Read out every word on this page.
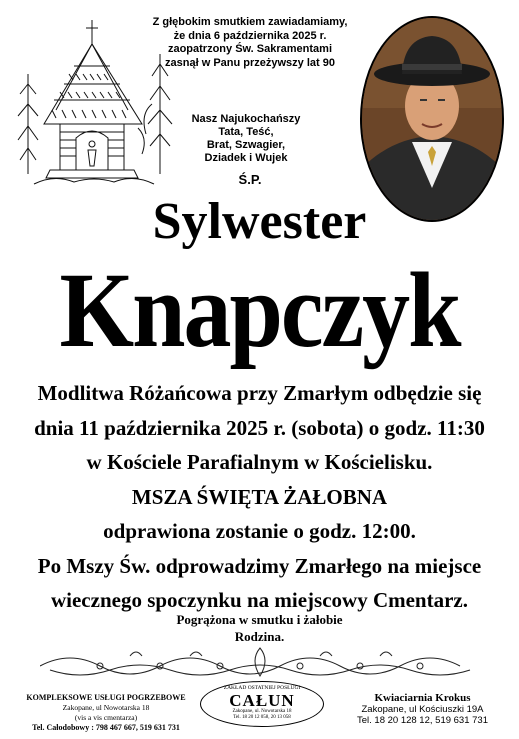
Z głębokim smutkiem zawiadamiamy,
że dnia 6 października 2025 r.
zaopatrzony Św. Sakramentami
zasnął w Panu przeżywszy lat 90
Nasz Najukochańszy
Tata, Teść,
Brat, Szwagier,
Dziadek i Wujek
Ś.P.
Sylwester
Knapczyk
Modlitwa Różańcowa przy Zmarłym odbędzie się
dnia 11 października 2025 r. (sobota) o godz. 11:30
w Kościele Parafialnym w Kościelisku.
MSZA ŚWIĘTA ŻAŁOBNA
odprawiona zostanie o godz. 12:00.
Po Mszy Św. odprowadzimy Zmarłego na miejsce
wiecznego spoczynku na miejscowy Cmentarz.
Pogrążona w smutku i żałobie
Rodzina.
KOMPLEKSOWE USŁUGI POGRZEBOWE
Zakopane, ul Nowotarska 18
(vis a vis cmentarza)
Tel. Całodobowy : 798 467 667, 519 631 731
ZAKŁAD OSTATNIEJ POSŁUGI
CAŁUN
Zakopane, ul. Nowotarska 18
Tel. 18 20 12 058, 20 13 058
Kwiaciarnia Krokus
Zakopane, ul Kościuszki 19A
Tel. 18 20 128 12, 519 631 731
